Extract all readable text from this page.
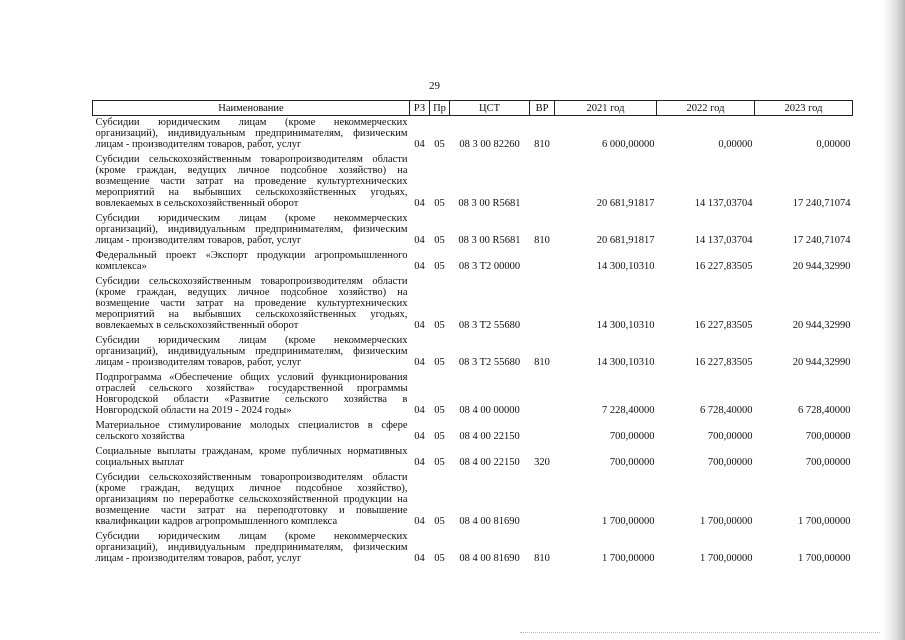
29
Наименование	РЗ	Пр	ЦСТ	ВР	2021 год	2022 год	2023 год
Субсидии юридическим лицам (кроме некоммерческих организаций), индивидуальным предпринимателям, физическим лицам - производителям товаров, работ, услуг	04	05	08 3 00 82260	810	6 000,00000	0,00000	0,00000
Субсидии сельскохозяйственным товаропроизводителям области (кроме граждан, ведущих личное подсобное хозяйство) на возмещение части затрат на проведение культуртехнических мероприятий на выбывших сельскохозяйственных угодьях, вовлекаемых в сельскохозяйственный оборот	04	05	08 3 00 R5681		20 681,91817	14 137,03704	17 240,71074
Субсидии юридическим лицам (кроме некоммерческих организаций), индивидуальным предпринимателям, физическим лицам - производителям товаров, работ, услуг	04	05	08 3 00 R5681	810	20 681,91817	14 137,03704	17 240,71074
Федеральный проект «Экспорт продукции агропромышленного комплекса»	04	05	08 3 T2 00000		14 300,10310	16 227,83505	20 944,32990
Субсидии сельскохозяйственным товаропроизводителям области (кроме граждан, ведущих личное подсобное хозяйство) на возмещение части затрат на проведение культуртехнических мероприятий на выбывших сельскохозяйственных угодьях, вовлекаемых в сельскохозяйственный оборот	04	05	08 3 T2 55680		14 300,10310	16 227,83505	20 944,32990
Субсидии юридическим лицам (кроме некоммерческих организаций), индивидуальным предпринимателям, физическим лицам - производителям товаров, работ, услуг	04	05	08 3 T2 55680	810	14 300,10310	16 227,83505	20 944,32990
Подпрограмма «Обеспечение общих условий функционирования отраслей сельского хозяйства» государственной программы Новгородской области «Развитие сельского хозяйства в Новгородской области на 2019 - 2024 годы»	04	05	08 4 00 00000		7 228,40000	6 728,40000	6 728,40000
Материальное стимулирование молодых специалистов в сфере сельского хозяйства	04	05	08 4 00 22150		700,00000	700,00000	700,00000
Социальные выплаты гражданам, кроме публичных нормативных социальных выплат	04	05	08 4 00 22150	320	700,00000	700,00000	700,00000
Субсидии сельскохозяйственным товаропроизводителям области (кроме граждан, ведущих личное подсобное хозяйство), организациям по переработке сельскохозяйственной продукции на возмещение части затрат на переподготовку и повышение квалификации кадров агропромышленного комплекса	04	05	08 4 00 81690		1 700,00000	1 700,00000	1 700,00000
Субсидии юридическим лицам (кроме некоммерческих организаций), индивидуальным предпринимателям, физическим лицам - производителям товаров, работ, услуг	04	05	08 4 00 81690	810	1 700,00000	1 700,00000	1 700,00000
